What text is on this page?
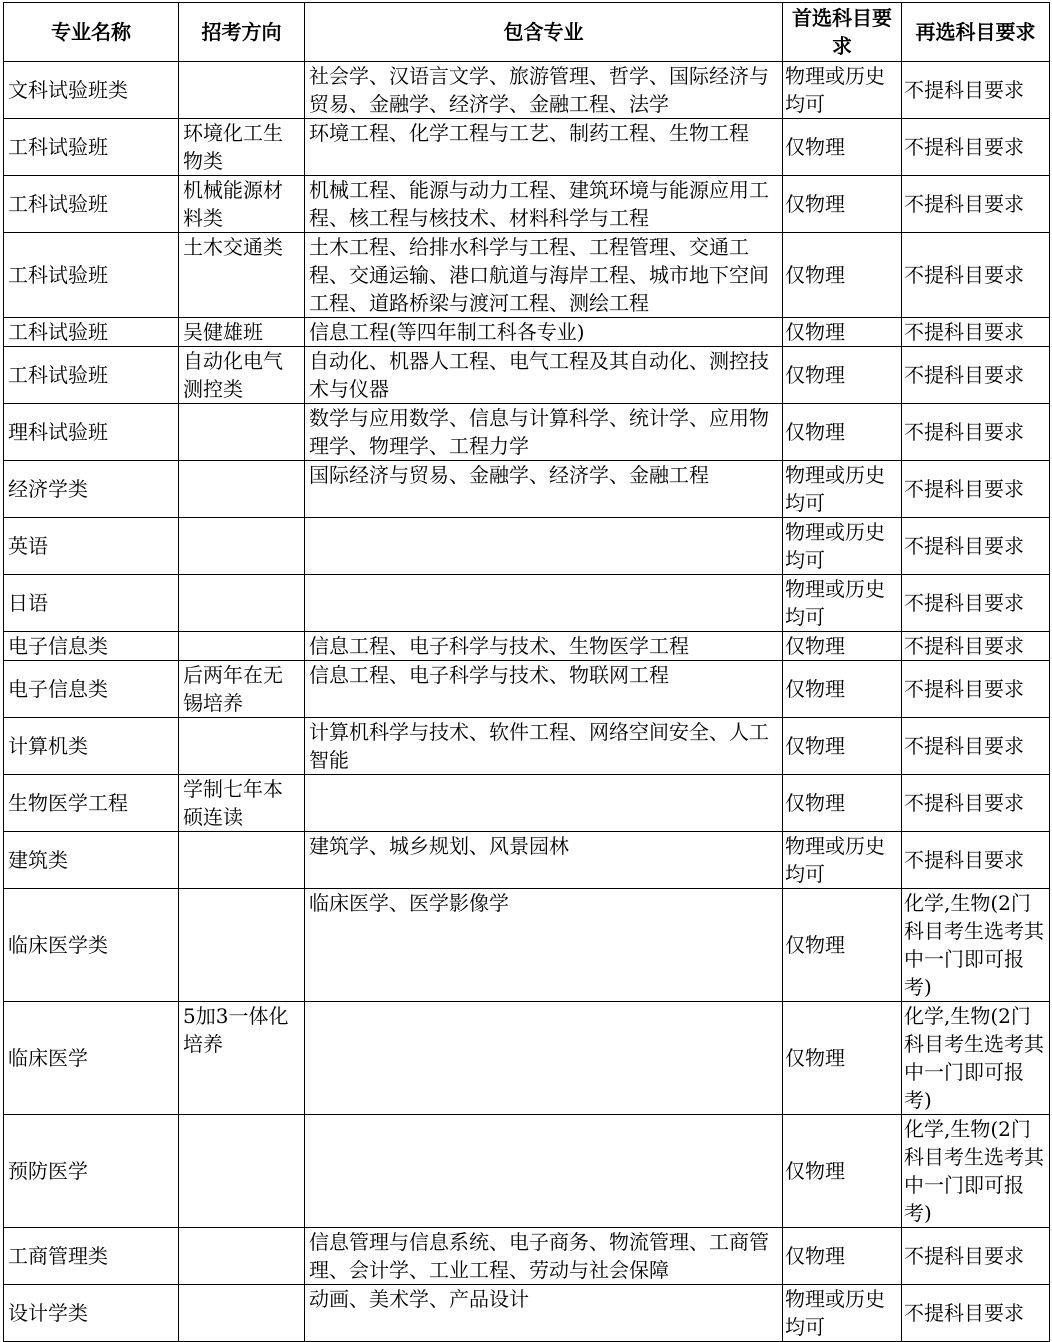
专业名称	招考方向	包含专业	首选科目要求	再选科目要求
文科试验班类		社会学、汉语言文学、旅游管理、哲学、国际经济与贸易、金融学、经济学、金融工程、法学	物理或历史均可	不提科目要求
工科试验班	环境化工生物类	环境工程、化学工程与工艺、制药工程、生物工程	仅物理	不提科目要求
工科试验班	机械能源材料类	机械工程、能源与动力工程、建筑环境与能源应用工程、核工程与核技术、材料科学与工程	仅物理	不提科目要求
工科试验班	土木交通类	土木工程、给排水科学与工程、工程管理、交通工程、交通运输、港口航道与海岸工程、城市地下空间工程、道路桥梁与渡河工程、测绘工程	仅物理	不提科目要求
工科试验班	吴健雄班	信息工程(等四年制工科各专业)	仅物理	不提科目要求
工科试验班	自动化电气测控类	自动化、机器人工程、电气工程及其自动化、测控技术与仪器	仅物理	不提科目要求
理科试验班		数学与应用数学、信息与计算科学、统计学、应用物理学、物理学、工程力学	仅物理	不提科目要求
经济学类		国际经济与贸易、金融学、经济学、金融工程	物理或历史均可	不提科目要求
英语			物理或历史均可	不提科目要求
日语			物理或历史均可	不提科目要求
电子信息类		信息工程、电子科学与技术、生物医学工程	仅物理	不提科目要求
电子信息类	后两年在无锡培养	信息工程、电子科学与技术、物联网工程	仅物理	不提科目要求
计算机类		计算机科学与技术、软件工程、网络空间安全、人工智能	仅物理	不提科目要求
生物医学工程	学制七年本硕连读		仅物理	不提科目要求
建筑类		建筑学、城乡规划、风景园林	物理或历史均可	不提科目要求
临床医学类		临床医学、医学影像学	仅物理	化学,生物(2门科目考生选考其中一门即可报考)
临床医学	5加3一体化培养		仅物理	化学,生物(2门科目考生选考其中一门即可报考)
预防医学			仅物理	化学,生物(2门科目考生选考其中一门即可报考)
工商管理类		信息管理与信息系统、电子商务、物流管理、工商管理、会计学、工业工程、劳动与社会保障	仅物理	不提科目要求
设计学类		动画、美术学、产品设计	物理或历史均可	不提科目要求
